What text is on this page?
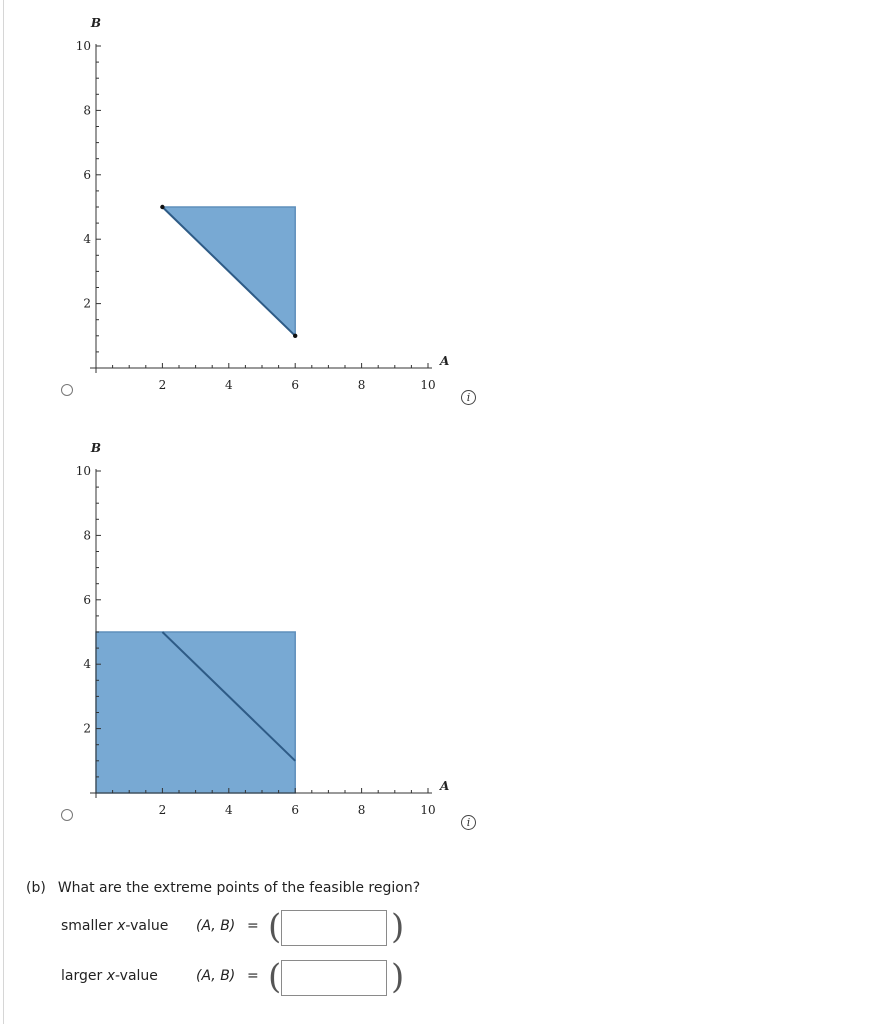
2	4	6	8	10
2
4
6
8
10
A
B
i
2	4	6	8	10
2
4
6
8
10
A
B
i
(b) What are the extreme points of the feasible region?
smaller x-value (A, B) = (	)
larger x-value	(A, B) = (	)
